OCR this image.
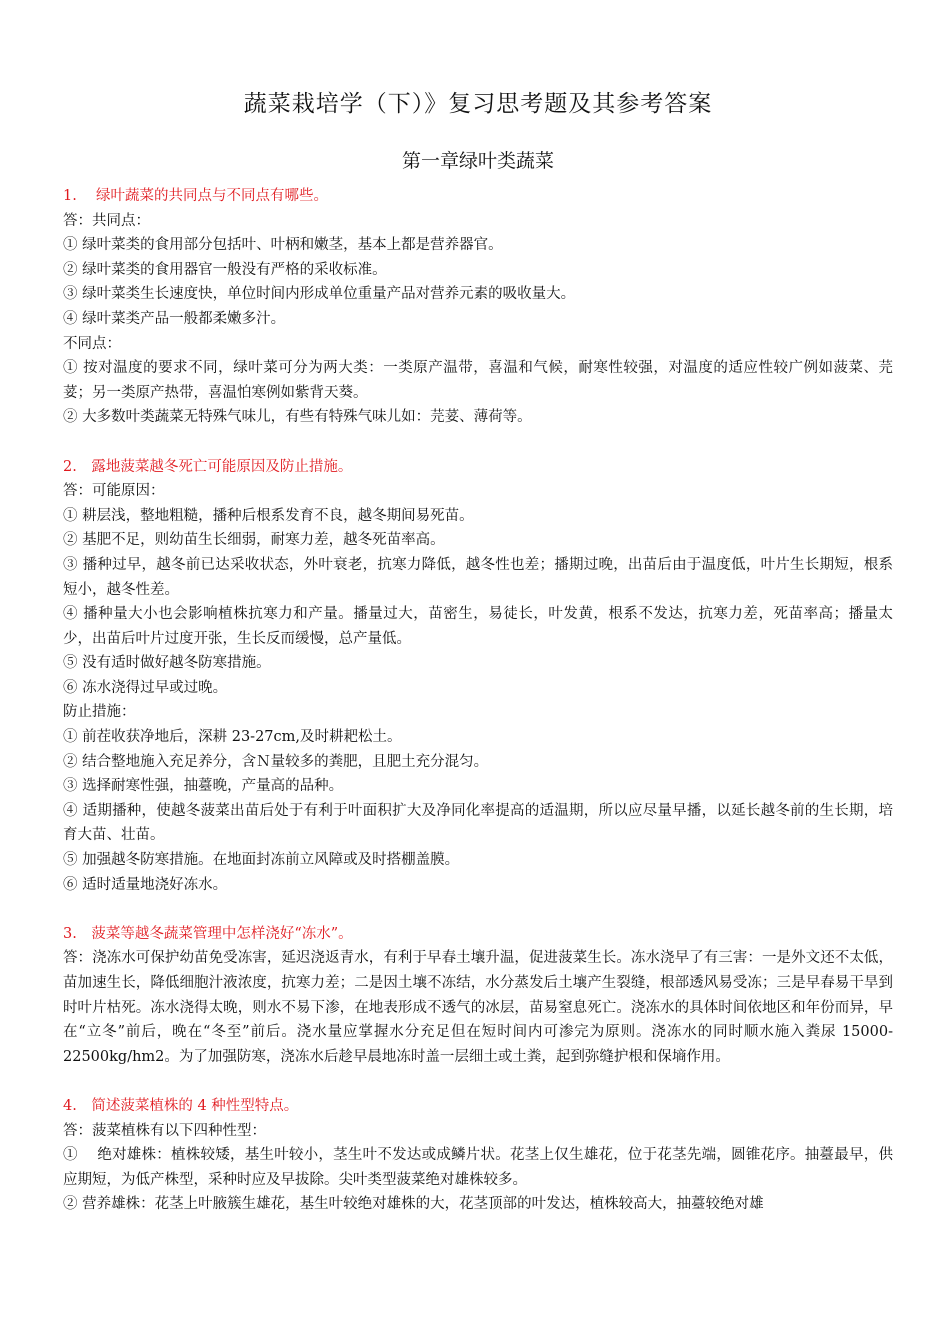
蔬菜栽培学（下）》复习思考题及其参考答案
第一章绿叶类蔬菜

1.　 绿叶蔬菜的共同点与不同点有哪些。

答：共同点：

① 绿叶菜类的食用部分包括叶、叶柄和嫩茎，基本上都是营养器官。

② 绿叶菜类的食用器官一般没有严格的采收标准。

③ 绿叶菜类生长速度快，单位时间内形成单位重量产品对营养元素的吸收量大。

④ 绿叶菜类产品一般都柔嫩多汁。

不同点：

① 按对温度的要求不同，绿叶菜可分为两大类：一类原产温带，喜温和气候，耐寒性较强，对温度的适应性较广例如菠菜、芫荽；另一类原产热带，喜温怕寒例如紫背天葵。

② 大多数叶类蔬菜无特殊气味儿，有些有特殊气味儿如：芫荽、薄荷等。

2.　露地菠菜越冬死亡可能原因及防止措施。

答：可能原因：

① 耕层浅，整地粗糙，播种后根系发育不良，越冬期间易死苗。

② 基肥不足，则幼苗生长细弱，耐寒力差，越冬死苗率高。

③ 播种过早，越冬前已达采收状态，外叶衰老，抗寒力降低，越冬性也差；播期过晚，出苗后由于温度低，叶片生长期短，根系短小，越冬性差。

④ 播种量大小也会影响植株抗寒力和产量。播量过大，苗密生，易徒长，叶发黄，根系不发达，抗寒力差，死苗率高；播量太少，出苗后叶片过度开张，生长反而缓慢，总产量低。

⑤ 没有适时做好越冬防寒措施。

⑥ 冻水浇得过早或过晚。

防止措施：

① 前茬收获净地后，深耕 23-27cm,及时耕耙松土。

② 结合整地施入充足养分，含Ｎ量较多的粪肥，且肥土充分混匀。

③ 选择耐寒性强，抽薹晚，产量高的品种。

④ 适期播种，使越冬菠菜出苗后处于有利于叶面积扩大及净同化率提高的适温期，所以应尽量早播，以延长越冬前的生长期，培育大苗、壮苗。

⑤ 加强越冬防寒措施。在地面封冻前立风障或及时搭棚盖膜。

⑥ 适时适量地浇好冻水。

3.　菠菜等越冬蔬菜管理中怎样浇好“冻水”。

答：浇冻水可保护幼苗免受冻害，延迟浇返青水，有利于早春土壤升温，促进菠菜生长。冻水浇早了有三害：一是外文还不太低，苗加速生长，降低细胞汁液浓度，抗寒力差；二是因土壤不冻结，水分蒸发后土壤产生裂缝，根部透风易受冻；三是早春易干旱到时叶片枯死。冻水浇得太晚，则水不易下渗，在地表形成不透气的冰层，苗易窒息死亡。浇冻水的具体时间依地区和年份而异，早在“立冬”前后，晚在“冬至”前后。浇水量应掌握水分充足但在短时间内可渗完为原则。浇冻水的同时顺水施入粪尿 15000-22500kg/hm2。为了加强防寒，浇冻水后趁早晨地冻时盖一层细土或土粪，起到弥缝护根和保墒作用。

4.　简述菠菜植株的 4 种性型特点。

答：菠菜植株有以下四种性型：

①　 绝对雄株：植株较矮，基生叶较小，茎生叶不发达或成鳞片状。花茎上仅生雄花，位于花茎先端，圆锥花序。抽薹最早，供应期短，为低产株型，采种时应及早拔除。尖叶类型菠菜绝对雄株较多。

② 营养雄株：花茎上叶腋簇生雄花，基生叶较绝对雄株的大，花茎顶部的叶发达，植株较高大，抽薹较绝对雄
